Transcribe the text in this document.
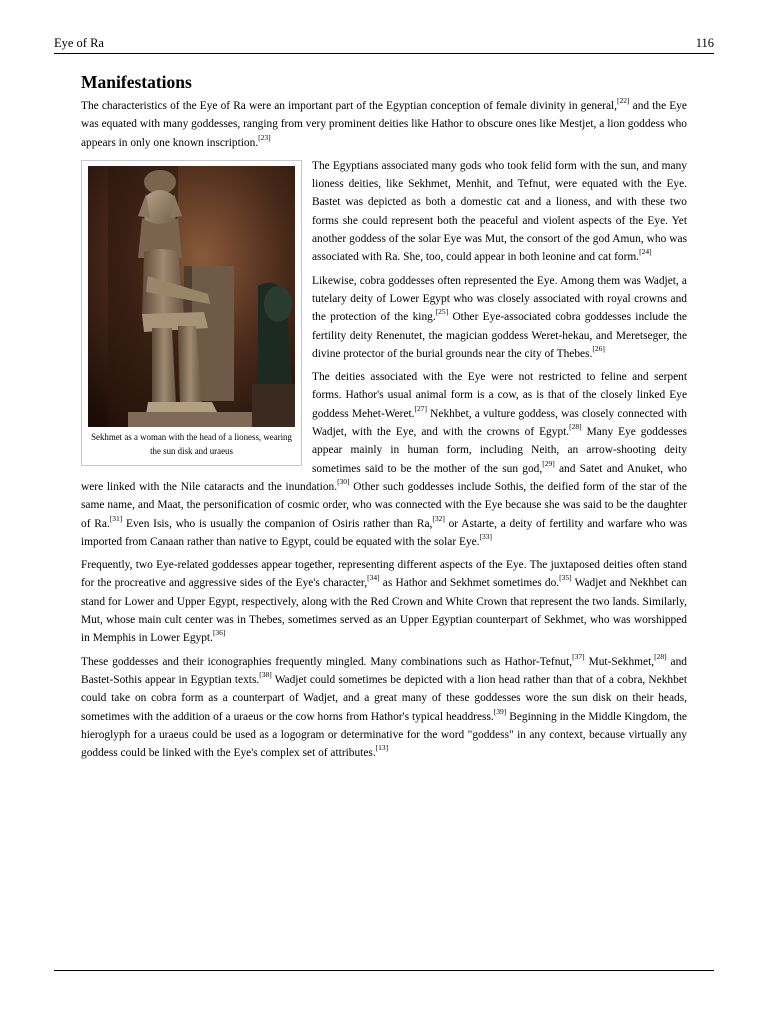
Eye of Ra	116
Manifestations

The characteristics of the Eye of Ra were an important part of the Egyptian conception of female divinity in general,[22] and the Eye was equated with many goddesses, ranging from very prominent deities like Hathor to obscure ones like Mestjet, a lion goddess who appears in only one known inscription.[23]

Sekhmet as a woman with the head of a lioness, wearing the sun disk and uraeus

The Egyptians associated many gods who took felid form with the sun, and many lioness deities, like Sekhmet, Menhit, and Tefnut, were equated with the Eye. Bastet was depicted as both a domestic cat and a lioness, and with these two forms she could represent both the peaceful and violent aspects of the Eye. Yet another goddess of the solar Eye was Mut, the consort of the god Amun, who was associated with Ra. She, too, could appear in both leonine and cat form.[24]

Likewise, cobra goddesses often represented the Eye. Among them was Wadjet, a tutelary deity of Lower Egypt who was closely associated with royal crowns and the protection of the king.[25] Other Eye-associated cobra goddesses include the fertility deity Renenutet, the magician goddess Weret-hekau, and Meretseger, the divine protector of the burial grounds near the city of Thebes.[26]

The deities associated with the Eye were not restricted to feline and serpent forms. Hathor's usual animal form is a cow, as is that of the closely linked Eye goddess Mehet-Weret.[27] Nekhbet, a vulture goddess, was closely connected with Wadjet, with the Eye, and with the crowns of Egypt.[28] Many Eye goddesses appear mainly in human form, including Neith, an arrow-shooting deity sometimes said to be the mother of the sun god,[29] and Satet and Anuket, who were linked with the Nile cataracts and the inundation.[30] Other such goddesses include Sothis, the deified form of the star of the same name, and Maat, the personification of cosmic order, who was connected with the Eye because she was said to be the daughter of Ra.[31] Even Isis, who is usually the companion of Osiris rather than Ra,[32] or Astarte, a deity of fertility and warfare who was imported from Canaan rather than native to Egypt, could be equated with the solar Eye.[33]

Frequently, two Eye-related goddesses appear together, representing different aspects of the Eye. The juxtaposed deities often stand for the procreative and aggressive sides of the Eye's character,[34] as Hathor and Sekhmet sometimes do.[35] Wadjet and Nekhbet can stand for Lower and Upper Egypt, respectively, along with the Red Crown and White Crown that represent the two lands. Similarly, Mut, whose main cult center was in Thebes, sometimes served as an Upper Egyptian counterpart of Sekhmet, who was worshipped in Memphis in Lower Egypt.[36]

These goddesses and their iconographies frequently mingled. Many combinations such as Hathor-Tefnut,[37] Mut-Sekhmet,[28] and Bastet-Sothis appear in Egyptian texts.[38] Wadjet could sometimes be depicted with a lion head rather than that of a cobra, Nekhbet could take on cobra form as a counterpart of Wadjet, and a great many of these goddesses wore the sun disk on their heads, sometimes with the addition of a uraeus or the cow horns from Hathor's typical headdress.[39] Beginning in the Middle Kingdom, the hieroglyph for a uraeus could be used as a logogram or determinative for the word "goddess" in any context, because virtually any goddess could be linked with the Eye's complex set of attributes.[13]
